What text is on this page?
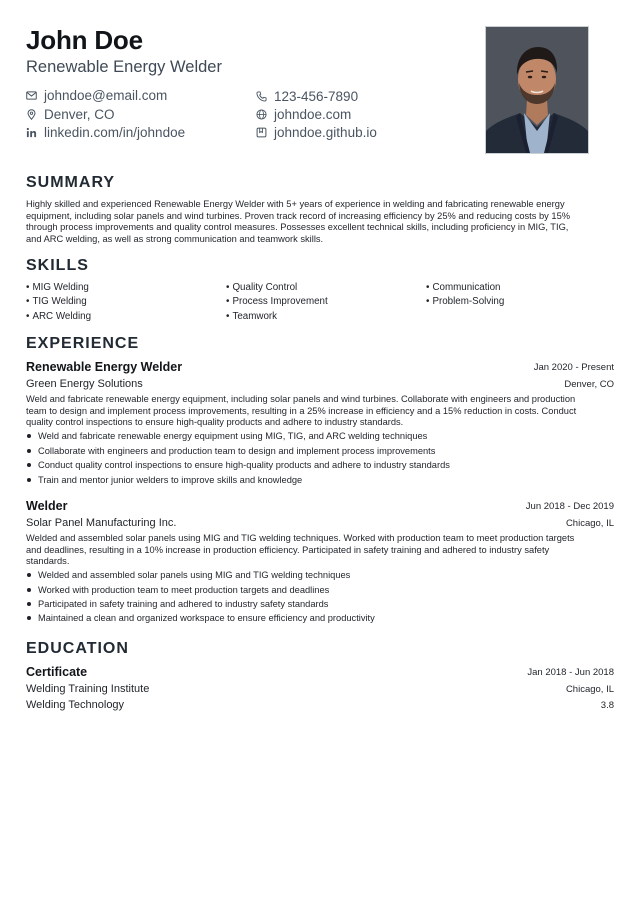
John Doe
Renewable Energy Welder
johndoe@email.com	123-456-7890
Denver, CO	johndoe.com
linkedin.com/in/johndoe	johndoe.github.io
SUMMARY
Highly skilled and experienced Renewable Energy Welder with 5+ years of experience in welding and fabricating renewable energy
equipment, including solar panels and wind turbines. Proven track record of increasing efficiency by 25% and reducing costs by 15%
through process improvements and quality control measures. Possesses excellent technical skills, including proficiency in MIG, TIG,
and ARC welding, as well as strong communication and teamwork skills.
SKILLS
• MIG Welding
• TIG Welding
• ARC Welding
• Quality Control
• Process Improvement
• Teamwork
• Communication
• Problem-Solving
EXPERIENCE
Renewable Energy Welder	Jan 2020 - Present
Green Energy Solutions	Denver, CO
Weld and fabricate renewable energy equipment, including solar panels and wind turbines. Collaborate with engineers and production
team to design and implement process improvements, resulting in a 25% increase in efficiency and a 15% reduction in costs. Conduct
quality control inspections to ensure high-quality products and adhere to industry standards.
Weld and fabricate renewable energy equipment using MIG, TIG, and ARC welding techniques
Collaborate with engineers and production team to design and implement process improvements
Conduct quality control inspections to ensure high-quality products and adhere to industry standards
Train and mentor junior welders to improve skills and knowledge
Welder	Jun 2018 - Dec 2019
Solar Panel Manufacturing Inc.	Chicago, IL
Welded and assembled solar panels using MIG and TIG welding techniques. Worked with production team to meet production targets
and deadlines, resulting in a 10% increase in production efficiency. Participated in safety training and adhered to industry safety
standards.
Welded and assembled solar panels using MIG and TIG welding techniques
Worked with production team to meet production targets and deadlines
Participated in safety training and adhered to industry safety standards
Maintained a clean and organized workspace to ensure efficiency and productivity
EDUCATION
Certificate	Jan 2018 - Jun 2018
Welding Training Institute	Chicago, IL
Welding Technology	3.8
